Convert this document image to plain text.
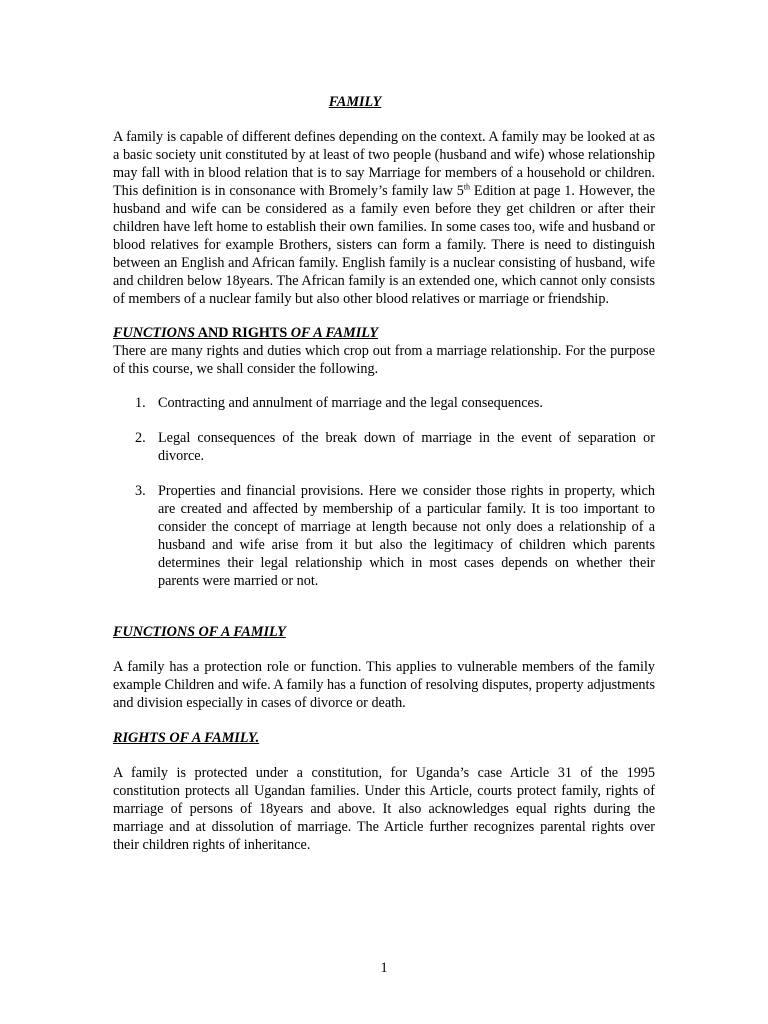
FAMILY

A family is capable of different defines depending on the context. A family may be looked at as a basic society unit constituted by at least of two people (husband and wife) whose relationship may fall with in blood relation that is to say Marriage for members of a household or children. This definition is in consonance with Bromely’s family law 5th Edition at page 1. However, the husband and wife can be considered as a family even before they get children or after their children have left home to establish their own families. In some cases too, wife and husband or blood relatives for example Brothers, sisters can form a family. There is need to distinguish between an English and African family. English family is a nuclear consisting of husband, wife and children below 18years. The African family is an extended one, which cannot only consists of members of a nuclear family but also other blood relatives or marriage or friendship.

FUNCTIONS AND RIGHTS OF A FAMILY

There are many rights and duties which crop out from a marriage relationship. For the purpose of this course, we shall consider the following.

1. Contracting and annulment of marriage and the legal consequences.
2. Legal consequences of the break down of marriage in the event of separation or divorce.
3. Properties and financial provisions. Here we consider those rights in property, which are created and affected by membership of a particular family. It is too important to consider the concept of marriage at length because not only does a relationship of a husband and wife arise from it but also the legitimacy of children which parents determines their legal relationship which in most cases depends on whether their parents were married or not.
FUNCTIONS OF A FAMILY

A family has a protection role or function. This applies to vulnerable members of the family example Children and wife. A family has a function of resolving disputes, property adjustments and division especially in cases of divorce or death.

RIGHTS OF A FAMILY.

A family is protected under a constitution, for Uganda’s case Article 31 of the 1995 constitution protects all Ugandan families. Under this Article, courts protect family, rights of marriage of persons of 18years and above. It also acknowledges equal rights during the marriage and at dissolution of marriage. The Article further recognizes parental rights over their children rights of inheritance.

1
